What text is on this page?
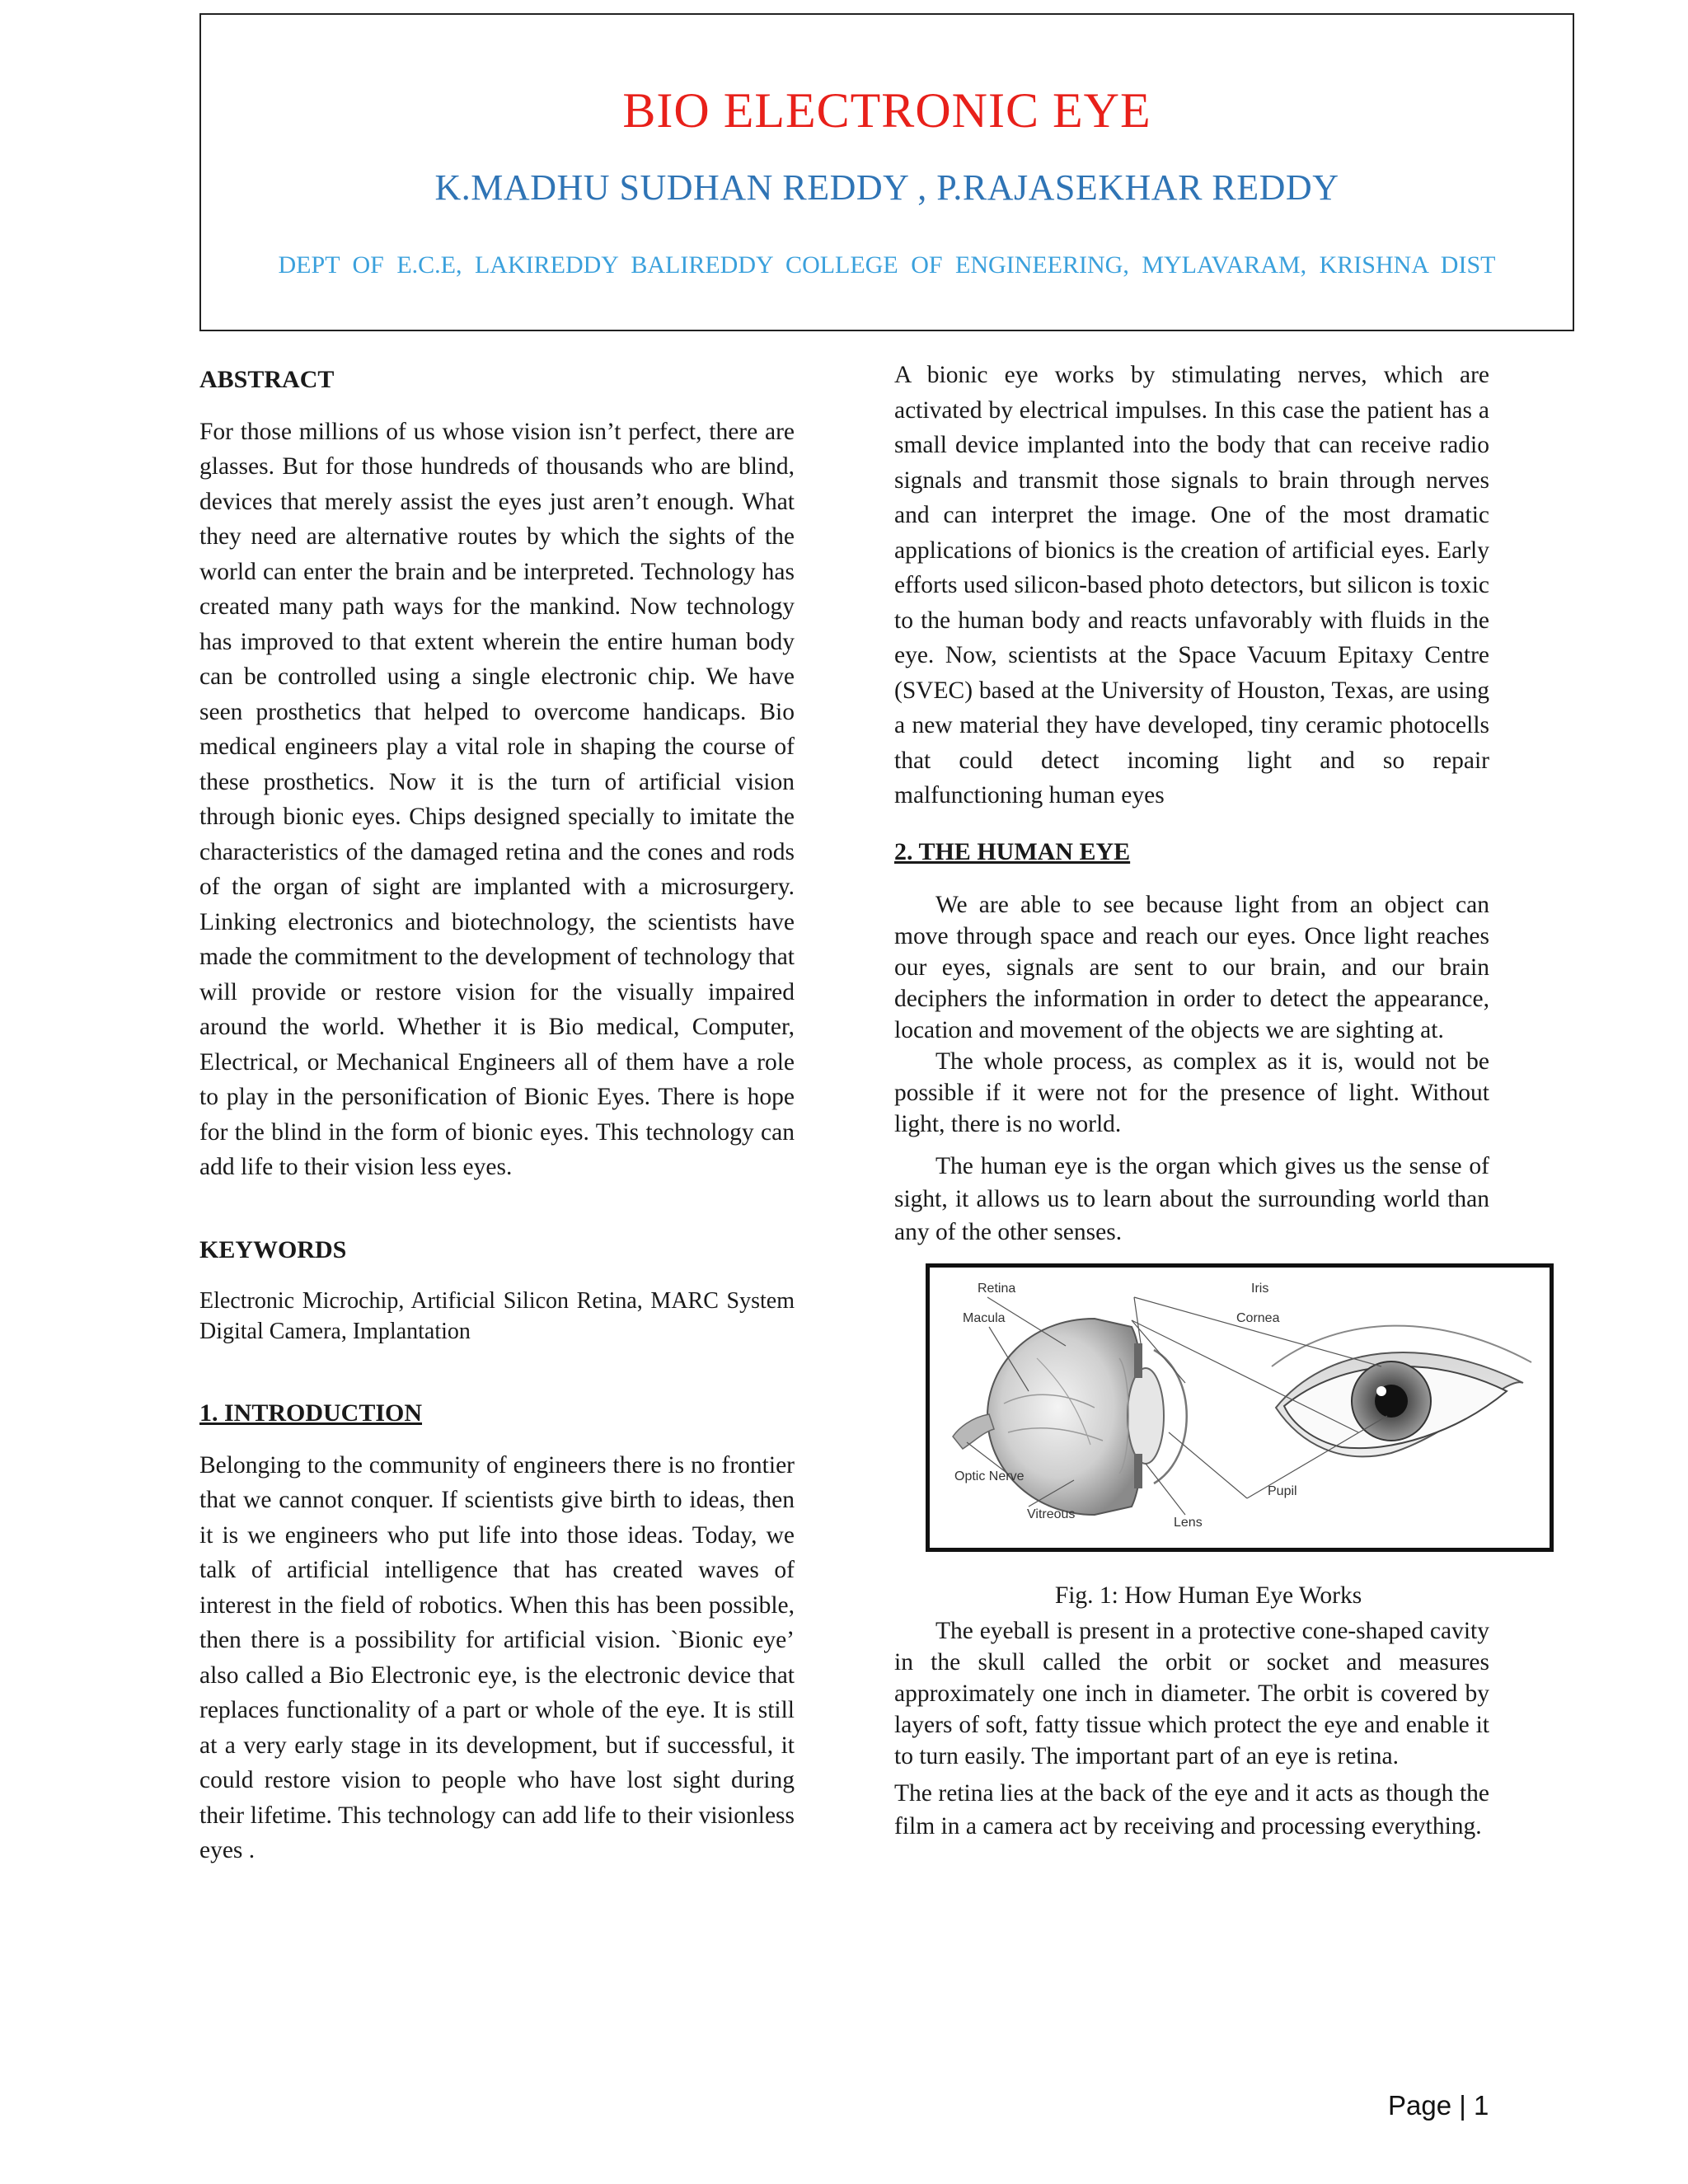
BIO ELECTRONIC EYE
K.MADHU SUDHAN REDDY , P.RAJASEKHAR REDDY
DEPT OF E.C.E, LAKIREDDY BALIREDDY COLLEGE OF ENGINEERING, MYLAVARAM, KRISHNA DIST

ABSTRACT

For those millions of us whose vision isn’t perfect, there are glasses. But for those hundreds of thousands who are blind, devices that merely assist the eyes just aren’t enough. What they need are alternative routes by which the sights of the world can enter the brain and be interpreted. Technology has created many path ways for the mankind. Now technology has improved to that extent wherein the entire human body can be controlled using a single electronic chip. We have seen prosthetics that helped to overcome handicaps. Bio medical engineers play a vital role in shaping the course of these prosthetics. Now it is the turn of artificial vision through bionic eyes. Chips designed specially to imitate the characteristics of the damaged retina and the cones and rods of the organ of sight are implanted with a microsurgery. Linking electronics and biotechnology, the scientists have made the commitment to the development of technology that will provide or restore vision for the visually impaired around the world. Whether it is Bio medical, Computer, Electrical, or Mechanical Engineers all of them have a role to play in the personification of Bionic Eyes. There is hope for the blind in the form of bionic eyes. This technology can add life to their vision less eyes.

KEYWORDS

Electronic Microchip, Artificial Silicon Retina, MARC System Digital Camera, Implantation

1. INTRODUCTION

Belonging to the community of engineers there is no frontier that we cannot conquer. If scientists give birth to ideas, then it is we engineers who put life into those ideas. Today, we talk of artificial intelligence that has created waves of interest in the field of robotics. When this has been possible, then there is a possibility for artificial vision. `Bionic eye’ also called a Bio Electronic eye, is the electronic device that replaces functionality of a part or whole of the eye. It is still at a very early stage in its development, but if successful, it could restore vision to people who have lost sight during their lifetime. This technology can add life to their visionless eyes .

A bionic eye works by stimulating nerves, which are activated by electrical impulses. In this case the patient has a small device implanted into the body that can receive radio signals and transmit those signals to brain through nerves and can interpret the image. One of the most dramatic applications of bionics is the creation of artificial eyes. Early efforts used silicon-based photo detectors, but silicon is toxic to the human body and reacts unfavorably with fluids in the eye. Now, scientists at the Space Vacuum Epitaxy Centre (SVEC) based at the University of Houston, Texas, are using a new material they have developed, tiny ceramic photocells that could detect incoming light and so repair malfunctioning human eyes

2. THE HUMAN EYE

We are able to see because light from an object can move through space and reach our eyes. Once light reaches our eyes, signals are sent to our brain, and our brain deciphers the information in order to detect the appearance, location and movement of the objects we are sighting at.

The whole process, as complex as it is, would not be possible if it were not for the presence of light. Without light, there is no world.

The human eye is the organ which gives us the sense of sight, it allows us to learn about the surrounding world than any of the other senses.

Retina
Macula
Optic Nerve
Vitreous
Lens
Iris
Cornea
Pupil

Fig. 1: How Human Eye Works

The eyeball is present in a protective cone-shaped cavity in the skull called the orbit or socket and measures approximately one inch in diameter. The orbit is covered by layers of soft, fatty tissue which protect the eye and enable it to turn easily. The important part of an eye is retina.

The retina lies at the back of the eye and it acts as though the film in a camera act by receiving and processing everything.

Page | 1
